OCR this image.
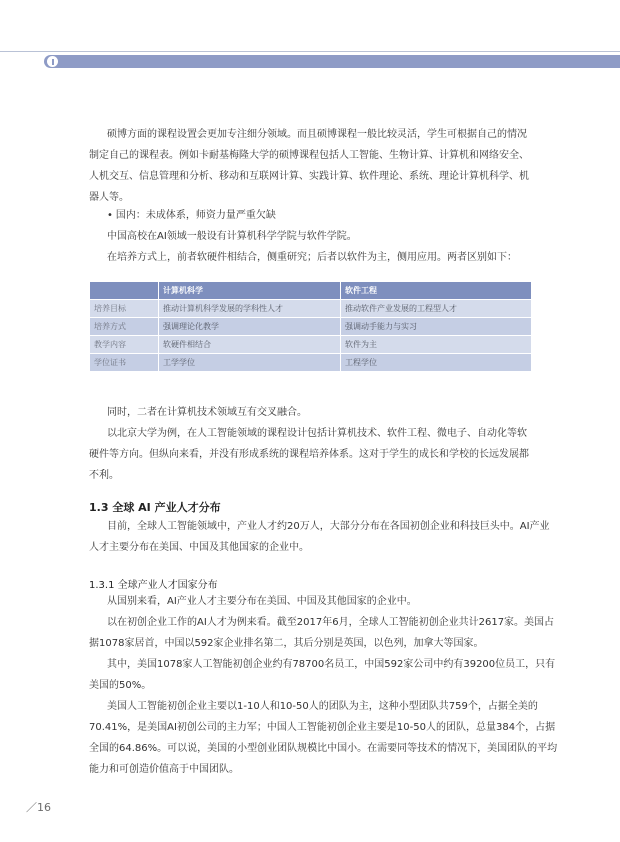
硕博方面的课程设置会更加专注细分领域。而且硕博课程一般比较灵活，学生可根据自己的情况

制定自己的课程表。例如卡耐基梅隆大学的硕博课程包括人工智能、生物计算、计算机和网络安全、

人机交互、信息管理和分析、移动和互联网计算、实践计算、软件理论、系统、理论计算机科学、机

器人等。

• 国内：未成体系，师资力量严重欠缺

中国高校在AI领域一般设有计算机科学学院与软件学院。

在培养方式上，前者软硬件相结合，侧重研究；后者以软件为主，侧用应用。两者区别如下：

	计算机科学	软件工程
培养目标	推动计算机科学发展的学科性人才	推动软件产业发展的工程型人才
培养方式	强调理论化教学	强调动手能力与实习
教学内容	软硬件相结合	软件为主
学位证书	工学学位	工程学位

同时，二者在计算机技术领域互有交叉融合。

以北京大学为例，在人工智能领域的课程设计包括计算机技术、软件工程、微电子、自动化等软

硬件等方向。但纵向来看，并没有形成系统的课程培养体系。这对于学生的成长和学校的长远发展都

不利。

1.3 全球 AI 产业人才分布

目前，全球人工智能领域中，产业人才约20万人，大部分分布在各国初创企业和科技巨头中。AI产业

人才主要分布在美国、中国及其他国家的企业中。

1.3.1 全球产业人才国家分布

从国别来看，AI产业人才主要分布在美国、中国及其他国家的企业中。

以在初创企业工作的AI人才为例来看。截至2017年6月，全球人工智能初创企业共计2617家。美国占

据1078家居首，中国以592家企业排名第二，其后分别是英国，以色列，加拿大等国家。

其中，美国1078家人工智能初创企业约有78700名员工，中国592家公司中约有39200位员工，只有

美国的50%。

美国人工智能初创企业主要以1-10人和10-50人的团队为主，这种小型团队共759个，占据全美的

70.41%，是美国AI初创公司的主力军；中国人工智能初创企业主要是10-50人的团队，总量384个，占据

全国的64.86%。可以说，美国的小型创业团队规模比中国小。在需要同等技术的情况下，美国团队的平均

能力和可创造价值高于中国团队。

／16
